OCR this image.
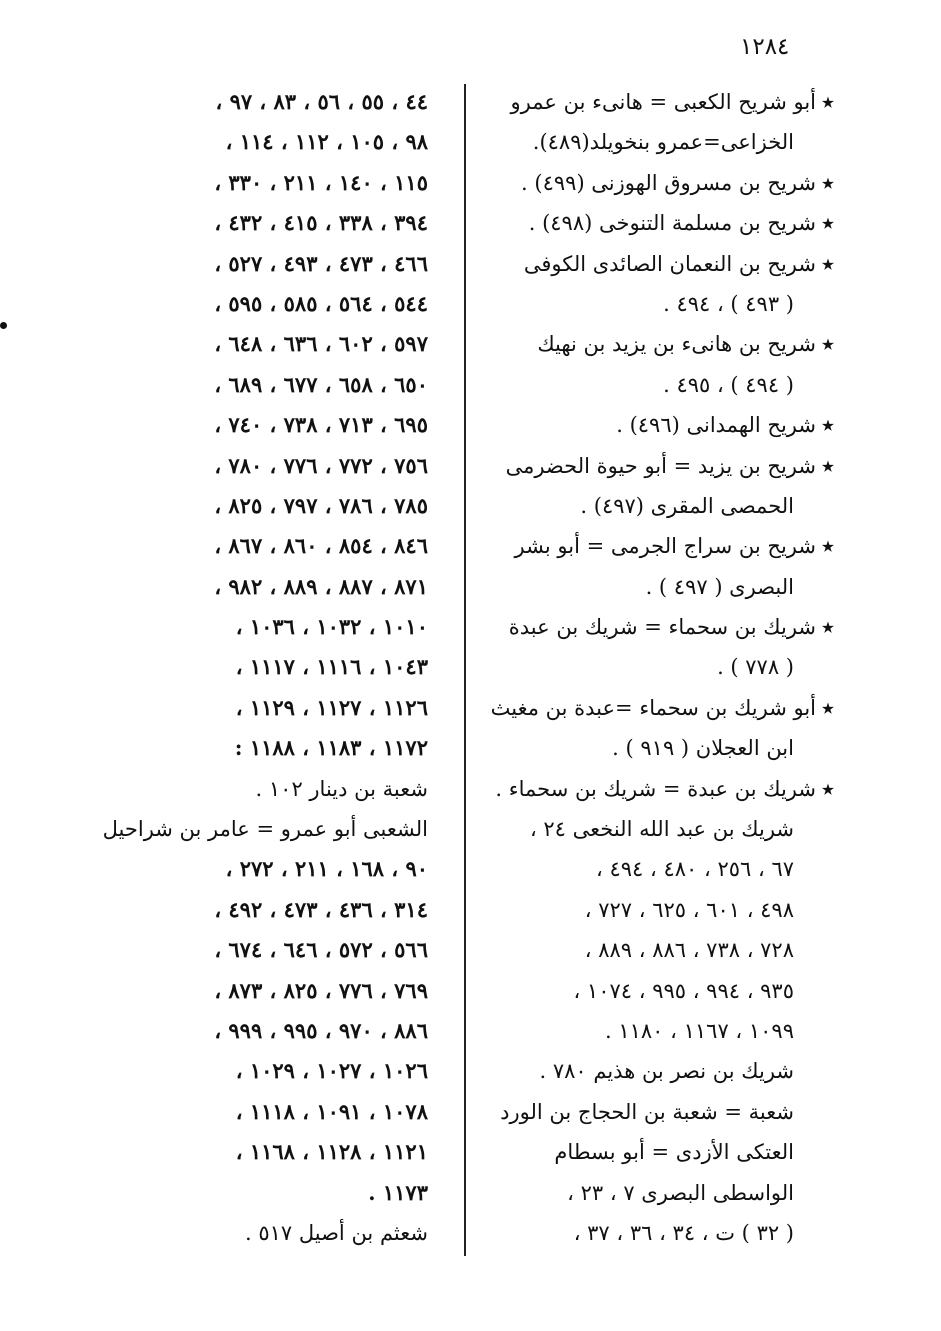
١٢٨٤
٭أبو شريح الكعبى = هانىء بن عمرو
الخزاعى=عمرو بنخويلد(٤٨٩).
٭شريح بن مسروق الهوزنى (٤٩٩) .
٭شريح بن مسلمة التنوخى (٤٩٨) .
٭شريح بن النعمان الصائدى الكوفى
( ٤٩٣ ) ، ٤٩٤ .
٭شريح بن هانىء بن يزيد بن نهيك
( ٤٩٤ ) ، ٤٩٥ .
٭شريح الهمدانى (٤٩٦) .
٭شريح بن يزيد = أبو حيوة الحضرمى
الحمصى المقرى (٤٩٧) .
٭شريح بن سراج الجرمى = أبو بشر
البصرى ( ٤٩٧ ) .
٭شريك بن سحماء = شريك بن عبدة
( ٧٧٨ ) .
٭أبو شريك بن سحماء =عبدة بن مغيث
ابن العجلان ( ٩١٩ ) .
٭شريك بن عبدة = شريك بن سحماء .
شريك بن عبد الله النخعى ٢٤ ،
٦٧ ، ٢٥٦ ، ٤٨٠ ، ٤٩٤ ،
٤٩٨ ، ٦٠١ ، ٦٢٥ ، ٧٢٧ ،
٧٢٨ ، ٧٣٨ ، ٨٨٦ ، ٨٨٩ ،
٩٣٥ ، ٩٩٤ ، ٩٩٥ ، ١٠٧٤ ،
١٠٩٩ ، ١١٦٧ ، ١١٨٠ .
شريك بن نصر بن هذيم ٧٨٠ .
شعبة = شعبة بن الحجاج بن الورد
العتكى الأزدى = أبو بسطام
الواسطى البصرى ٧ ، ٢٣ ،
( ٣٢ ) ت ، ٣٤ ، ٣٦ ، ٣٧ ،
٤٤ ، ٥٥ ، ٥٦ ، ٨٣ ، ٩٧ ،
٩٨ ، ١٠٥ ، ١١٢ ، ١١٤ ،
١١٥ ، ١٤٠ ، ٢١١ ، ٣٣٠ ،
٣٩٤ ، ٣٣٨ ، ٤١٥ ، ٤٣٢ ،
٤٦٦ ، ٤٧٣ ، ٤٩٣ ، ٥٢٧ ،
٥٤٤ ، ٥٦٤ ، ٥٨٥ ، ٥٩٥ ،
٥٩٧ ، ٦٠٢ ، ٦٣٦ ، ٦٤٨ ،
٦٥٠ ، ٦٥٨ ، ٦٧٧ ، ٦٨٩ ،
٦٩٥ ، ٧١٣ ، ٧٣٨ ، ٧٤٠ ،
٧٥٦ ، ٧٧٢ ، ٧٧٦ ، ٧٨٠ ،
٧٨٥ ، ٧٨٦ ، ٧٩٧ ، ٨٢٥ ،
٨٤٦ ، ٨٥٤ ، ٨٦٠ ، ٨٦٧ ،
٨٧١ ، ٨٨٧ ، ٨٨٩ ، ٩٨٢ ،
١٠١٠ ، ١٠٣٢ ، ١٠٣٦ ،
١٠٤٣ ، ١١١٦ ، ١١١٧ ،
١١٢٦ ، ١١٢٧ ، ١١٢٩ ،
١١٧٢ ، ١١٨٣ ، ١١٨٨ :
شعبة بن دينار ١٠٢ .
الشعبى أبو عمرو = عامر بن شراحيل
٩٠ ، ١٦٨ ، ٢١١ ، ٢٧٢ ،
٣١٤ ، ٤٣٦ ، ٤٧٣ ، ٤٩٢ ،
٥٦٦ ، ٥٧٢ ، ٦٤٦ ، ٦٧٤ ،
٧٦٩ ، ٧٧٦ ، ٨٢٥ ، ٨٧٣ ،
٨٨٦ ، ٩٧٠ ، ٩٩٥ ، ٩٩٩ ،
١٠٢٦ ، ١٠٢٧ ، ١٠٢٩ ،
١٠٧٨ ، ١٠٩١ ، ١١١٨ ،
١١٢١ ، ١١٢٨ ، ١١٦٨ ،
١١٧٣ .
شعثم بن أصيل ٥١٧ .
